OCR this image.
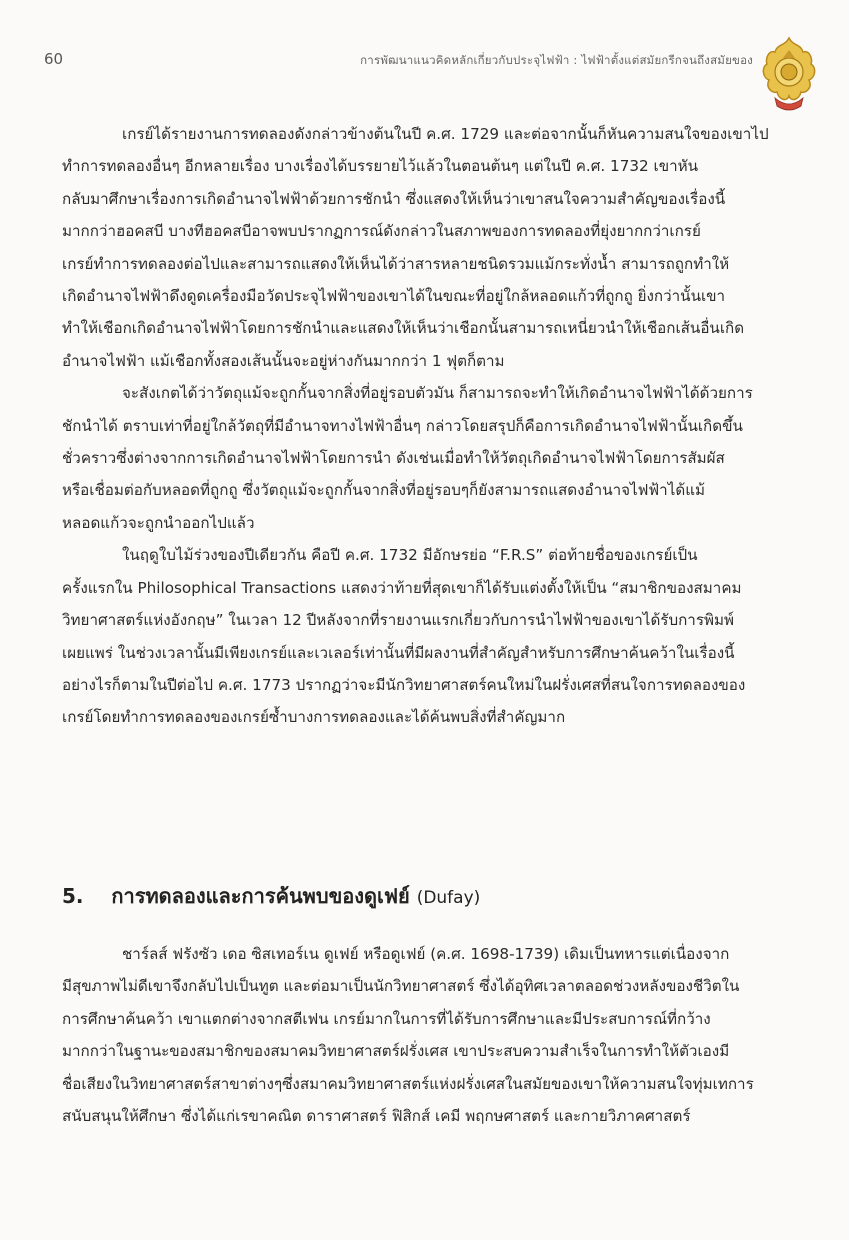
60	การพัฒนาแนวคิดหลักเกี่ยวกับประจุไฟฟ้า : ไฟฟ้าตั้งแต่สมัยกรีกจนถึงสมัยของ

เกรย์ได้รายงานการทดลองดังกล่าวข้างต้นในปี ค.ศ. 1729 และต่อจากนั้นก็หันความสนใจของเขาไป
ทำการทดลองอื่นๆ อีกหลายเรื่อง บางเรื่องได้บรรยายไว้แล้วในตอนต้นๆ แต่ในปี ค.ศ. 1732 เขาหัน
กลับมาศึกษาเรื่องการเกิดอำนาจไฟฟ้าด้วยการชักนำ ซึ่งแสดงให้เห็นว่าเขาสนใจความสำคัญของเรื่องนี้
มากกว่าฮอคสบี บางทีฮอคสบีอาจพบปรากฏการณ์ดังกล่าวในสภาพของการทดลองที่ยุ่งยากกว่าเกรย์
เกรย์ทำการทดลองต่อไปและสามารถแสดงให้เห็นได้ว่าสารหลายชนิดรวมแม้กระทั่งน้ำ สามารถถูกทำให้
เกิดอำนาจไฟฟ้าดึงดูดเครื่องมือวัดประจุไฟฟ้าของเขาได้ในขณะที่อยู่ใกล้หลอดแก้วที่ถูกถู ยิ่งกว่านั้นเขา
ทำให้เชือกเกิดอำนาจไฟฟ้าโดยการชักนำและแสดงให้เห็นว่าเชือกนั้นสามารถเหนี่ยวนำให้เชือกเส้นอื่นเกิด
อำนาจไฟฟ้า แม้เชือกทั้งสองเส้นนั้นจะอยู่ห่างกันมากกว่า 1 ฟุตก็ตาม

จะสังเกตได้ว่าวัตถุแม้จะถูกกั้นจากสิ่งที่อยู่รอบตัวมัน ก็สามารถจะทำให้เกิดอำนาจไฟฟ้าได้ด้วยการ
ชักนำได้ ตราบเท่าที่อยู่ใกล้วัตถุที่มีอำนาจทางไฟฟ้าอื่นๆ กล่าวโดยสรุปก็คือการเกิดอำนาจไฟฟ้านั้นเกิดขึ้น
ชั่วคราวซึ่งต่างจากการเกิดอำนาจไฟฟ้าโดยการนำ ดังเช่นเมื่อทำให้วัตถุเกิดอำนาจไฟฟ้าโดยการสัมผัส
หรือเชื่อมต่อกับหลอดที่ถูกถู ซึ่งวัตถุแม้จะถูกกั้นจากสิ่งที่อยู่รอบๆก็ยังสามารถแสดงอำนาจไฟฟ้าได้แม้
หลอดแก้วจะถูกนำออกไปแล้ว

ในฤดูใบไม้ร่วงของปีเดียวกัน คือปี ค.ศ. 1732 มีอักษรย่อ “F.R.S” ต่อท้ายชื่อของเกรย์เป็น
ครั้งแรกใน Philosophical Transactions แสดงว่าท้ายที่สุดเขาก็ได้รับแต่งตั้งให้เป็น “สมาชิกของสมาคม
วิทยาศาสตร์แห่งอังกฤษ” ในเวลา 12 ปีหลังจากที่รายงานแรกเกี่ยวกับการนำไฟฟ้าของเขาได้รับการพิมพ์
เผยแพร่ ในช่วงเวลานั้นมีเพียงเกรย์และเวเลอร์เท่านั้นที่มีผลงานที่สำคัญสำหรับการศึกษาค้นคว้าในเรื่องนี้
อย่างไรก็ตามในปีต่อไป ค.ศ. 1773 ปรากฏว่าจะมีนักวิทยาศาสตร์คนใหม่ในฝรั่งเศสที่สนใจการทดลองของ
เกรย์โดยทำการทดลองของเกรย์ซ้ำบางการทดลองและได้ค้นพบสิ่งที่สำคัญมาก

5. การทดลองและการค้นพบของดูเฟย์ (Dufay)

ชาร์ลส์ ฟรังซัว เดอ ซิสเทอร์เน ดูเฟย์ หรือดูเฟย์ (ค.ศ. 1698-1739) เดิมเป็นทหารแต่เนื่องจาก
มีสุขภาพไม่ดีเขาจึงกลับไปเป็นทูต และต่อมาเป็นนักวิทยาศาสตร์ ซึ่งได้อุทิศเวลาตลอดช่วงหลังของชีวิตใน
การศึกษาค้นคว้า เขาแตกต่างจากสตีเฟน เกรย์มากในการที่ได้รับการศึกษาและมีประสบการณ์ที่กว้าง
มากกว่าในฐานะของสมาชิกของสมาคมวิทยาศาสตร์ฝรั่งเศส เขาประสบความสำเร็จในการทำให้ตัวเองมี
ชื่อเสียงในวิทยาศาสตร์สาขาต่างๆซึ่งสมาคมวิทยาศาสตร์แห่งฝรั่งเศสในสมัยของเขาให้ความสนใจทุ่มเทการ
สนับสนุนให้ศึกษา ซึ่งได้แก่เรขาคณิต ดาราศาสตร์ ฟิสิกส์ เคมี พฤกษศาสตร์ และกายวิภาคศาสตร์
